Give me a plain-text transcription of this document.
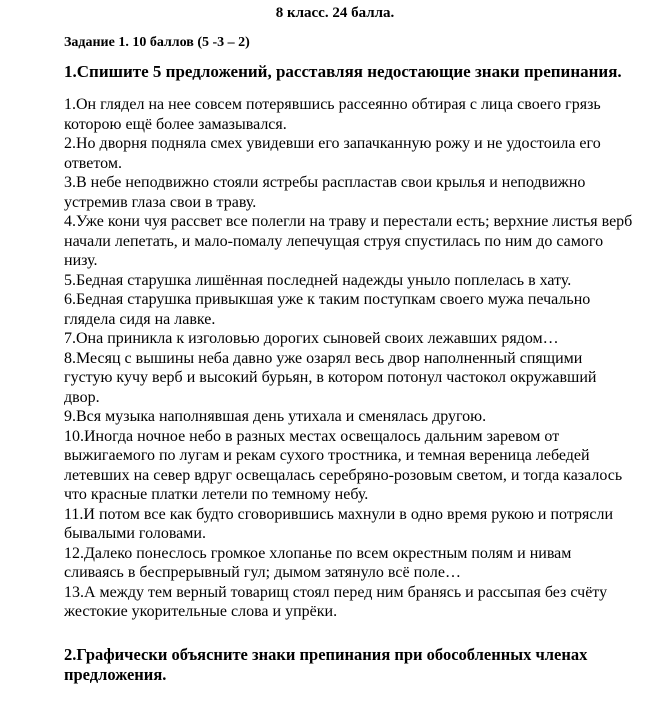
8 класс. 24 балла.
Задание 1. 10 баллов (5 -3 – 2)
1.Спишите 5 предложений, расставляя недостающие знаки препинания.

1.Он глядел на нее совсем потерявшись рассеянно обтирая с лица своего грязь которою ещё более замазывался.

2.Но дворня подняла смех увидевши его запачканную рожу и не удостоила его ответом.

3.В небе неподвижно стояли ястребы распластав свои крылья и неподвижно устремив глаза свои в траву.

4.Уже кони чуя рассвет все полегли на траву и перестали есть; верхние листья верб начали лепетать, и мало-помалу лепечущая струя спустилась по ним до самого низу.

5.Бедная старушка лишённая последней надежды уныло поплелась в хату.

6.Бедная старушка привыкшая уже к таким поступкам своего мужа печально глядела сидя на лавке.

7.Она приникла к изголовью дорогих сыновей своих лежавших рядом…

8.Месяц с вышины неба давно уже озарял весь двор наполненный спящими густую кучу верб и высокий бурьян, в котором потонул частокол окружавший двор.

9.Вся музыка наполнявшая день утихала и сменялась другою.

10.Иногда ночное небо в разных местах освещалось дальним заревом от выжигаемого по лугам и рекам сухого тростника, и темная вереница лебедей летевших на север вдруг освещалась серебряно-розовым светом, и тогда казалось что красные платки летели по темному небу.

11.И потом все как будто сговорившись махнули в одно время рукою и потрясли бывалыми головами.

12.Далеко понеслось громкое хлопанье по всем окрестным полям и нивам сливаясь в беспрерывный гул; дымом затянуло всё поле…

13.А между тем верный товарищ стоял перед ним бранясь и рассыпая без счёту жестокие укорительные слова и упрёки.

2.Графически объясните знаки препинания при обособленных членах предложения.
